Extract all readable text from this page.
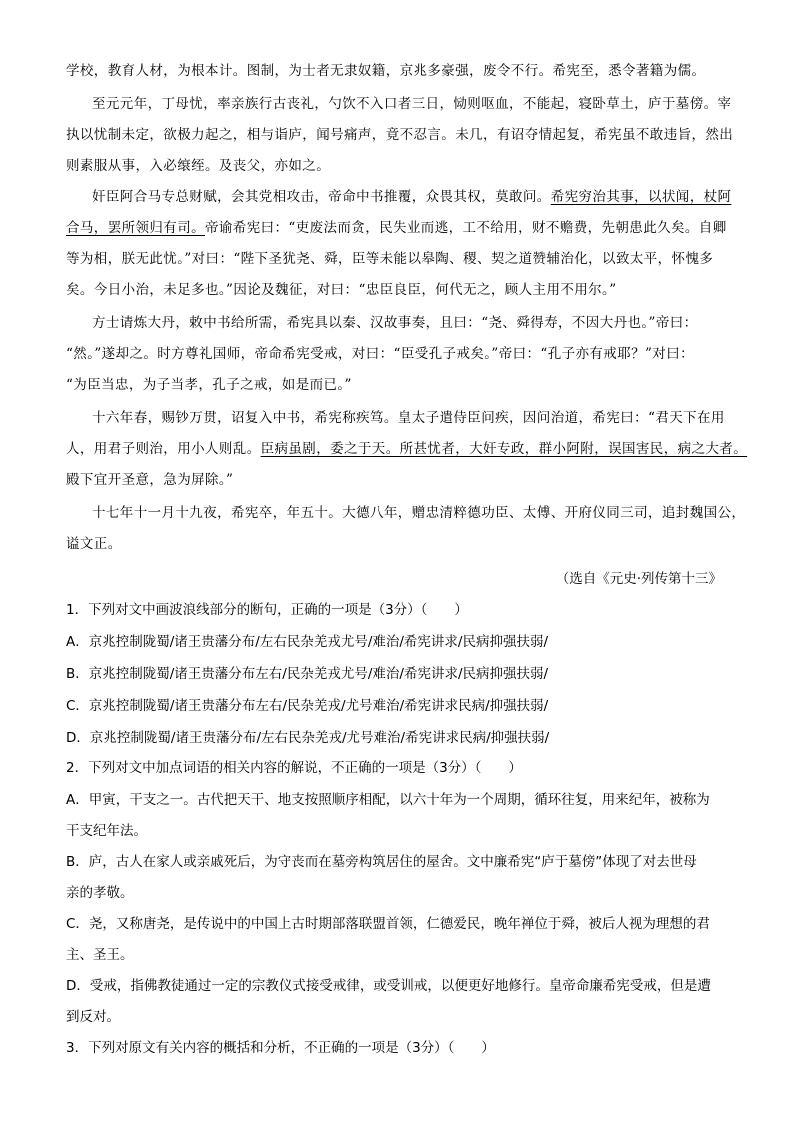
学校，教育人材，为根本计。图制，为士者无隶奴籍，京兆多豪强，废令不行。希宪至，悉令著籍为儒。
至元元年，丁母忧，率亲族行古丧礼，勺饮不入口者三日，恸则呕血，不能起，寝卧草土，庐于墓傍。宰
执以忧制未定，欲极力起之，相与诣庐，闻号痛声，竟不忍言。未几，有诏夺情起复，希宪虽不敢违旨，然出
则素服从事，入必缞绖。及丧父，亦如之。
奸臣阿合马专总财赋，会其党相攻击，帝命中书推覆，众畏其权，莫敢问。希宪穷治其事，以状闻，杖阿
合马，罢所领归有司。帝谕希宪曰：“吏废法而贪，民失业而逃，工不给用，财不赡费，先朝患此久矣。自卿
等为相，朕无此忧。”对曰：“陛下圣犹尧、舜，臣等未能以皋陶、稷、契之道赞辅治化，以致太平，怀愧多
矣。今日小治，未足多也。”因论及魏征，对曰：“忠臣良臣，何代无之，顾人主用不用尔。”
方士请炼大丹，敕中书给所需，希宪具以秦、汉故事奏，且曰：“尧、舜得寿，不因大丹也。”帝曰：
“然。”遂却之。时方尊礼国师，帝命希宪受戒，对曰：“臣受孔子戒矣。”帝曰：“孔子亦有戒耶？”对曰：
“为臣当忠，为子当孝，孔子之戒，如是而已。”
十六年春，赐钞万贯，诏复入中书，希宪称疾笃。皇太子遣侍臣问疾，因问治道，希宪曰：“君天下在用
人，用君子则治，用小人则乱。臣病虽剧，委之于天。所甚忧者，大奸专政，群小阿附，误国害民，病之大者。
殿下宜开圣意，急为屏除。”
十七年十一月十九夜，希宪卒，年五十。大德八年，赠忠清粹德功臣、太傅、开府仪同三司，追封魏国公，
谥文正。
（选自《元史·列传第十三》
1．下列对文中画波浪线部分的断句，正确的一项是（3分）（　　）
A．京兆控制陇蜀/诸王贵藩分布/左右民杂羌戎尤号/难治/希宪讲求/民病抑强扶弱/
B．京兆控制陇蜀/诸王贵藩分布左右/民杂羌戎尤号/难治/希宪讲求/民病抑强扶弱/
C．京兆控制陇蜀/诸王贵藩分布左右/民杂羌戎/尤号难治/希宪讲求民病/抑强扶弱/
D．京兆控制陇蜀/诸王贵藩分布/左右民杂羌戎/尤号难治/希宪讲求民病/抑强扶弱/
2．下列对文中加点词语的相关内容的解说，不正确的一项是（3分）（　　）
A．甲寅，干支之一。古代把天干、地支按照顺序相配，以六十年为一个周期，循环往复，用来纪年，被称为
干支纪年法。
B．庐，古人在家人或亲戚死后，为守丧而在墓旁构筑居住的屋舍。文中廉希宪“庐于墓傍”体现了对去世母
亲的孝敬。
C．尧，又称唐尧，是传说中的中国上古时期部落联盟首领，仁德爱民，晚年禅位于舜，被后人视为理想的君
主、圣王。
D．受戒，指佛教徒通过一定的宗教仪式接受戒律，或受训戒，以便更好地修行。皇帝命廉希宪受戒，但是遭
到反对。
3．下列对原文有关内容的概括和分析，不正确的一项是（3分）（　　）
